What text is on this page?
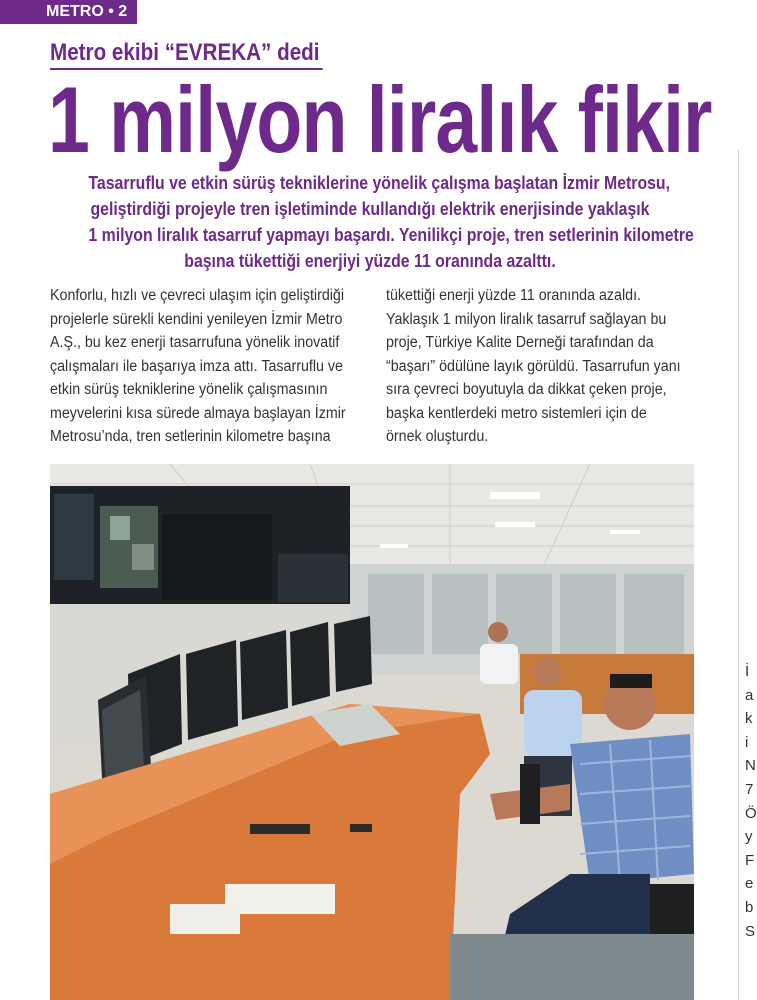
METRO • 2
Metro ekibi “EVREKA” dedi
1 milyon liralık fikir
Tasarruflu ve etkin sürüş tekniklerine yönelik çalışma başlatan İzmir Metrosu,
geliştirdiği projeyle tren işletiminde kullandığı elektrik enerjisinde yaklaşık
1 milyon liralık tasarruf yapmayı başardı. Yenilikçi proje, tren setlerinin kilometre
başına tükettiği enerjiyi yüzde 11 oranında azalttı.
Konforlu, hızlı ve çevreci ulaşım için geliştirdiği
projelerle sürekli kendini yenileyen İzmir Metro
A.Ş., bu kez enerji tasarrufuna yönelik inovatif
çalışmaları ile başarıya imza attı. Tasarruflu ve
etkin sürüş tekniklerine yönelik çalışmasının
meyvelerini kısa sürede almaya başlayan İzmir
Metrosu’nda, tren setlerinin kilometre başına
tükettiği enerji yüzde 11 oranında azaldı.
Yaklaşık 1 milyon liralık tasarruf sağlayan bu
proje, Türkiye Kalite Derneği tarafından da
“başarı” ödülüne layık görüldü. Tasarrufun yanı
sıra çevreci boyutuyla da dikkat çeken proje,
başka kentlerdeki metro sistemleri için de
örnek oluşturdu.
İ
a
k
i
N
7
Ö
y
F
e
b
S
